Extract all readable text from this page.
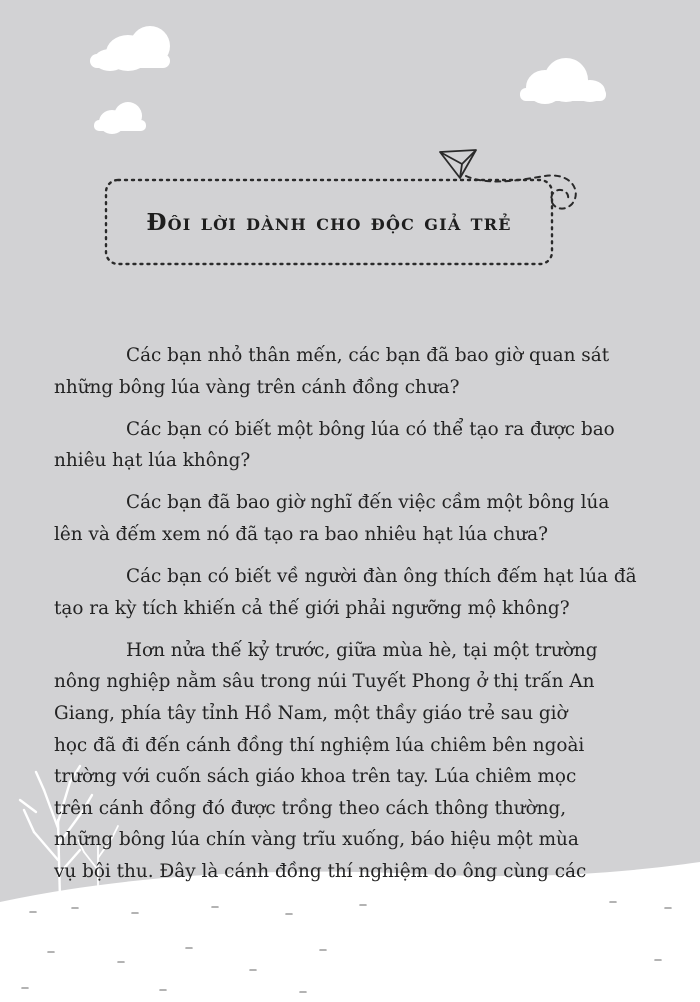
Đôi lời dành cho độc giả trẻ

Các bạn nhỏ thân mến, các bạn đã bao giờ quan sát
những bông lúa vàng trên cánh đồng chưa?

Các bạn có biết một bông lúa có thể tạo ra được bao
nhiêu hạt lúa không?

Các bạn đã bao giờ nghĩ đến việc cầm một bông lúa
lên và đếm xem nó đã tạo ra bao nhiêu hạt lúa chưa?

Các bạn có biết về người đàn ông thích đếm hạt lúa đã
tạo ra kỳ tích khiến cả thế giới phải ngưỡng mộ không?

Hơn nửa thế kỷ trước, giữa mùa hè, tại một trường
nông nghiệp nằm sâu trong núi Tuyết Phong ở thị trấn An
Giang, phía tây tỉnh Hồ Nam, một thầy giáo trẻ sau giờ
học đã đi đến cánh đồng thí nghiệm lúa chiêm bên ngoài
trường với cuốn sách giáo khoa trên tay. Lúa chiêm mọc
trên cánh đồng đó được trồng theo cách thông thường,
những bông lúa chín vàng trĩu xuống, báo hiệu một mùa
vụ bội thu. Đây là cánh đồng thí nghiệm do ông cùng các

NetaBooks .vn
